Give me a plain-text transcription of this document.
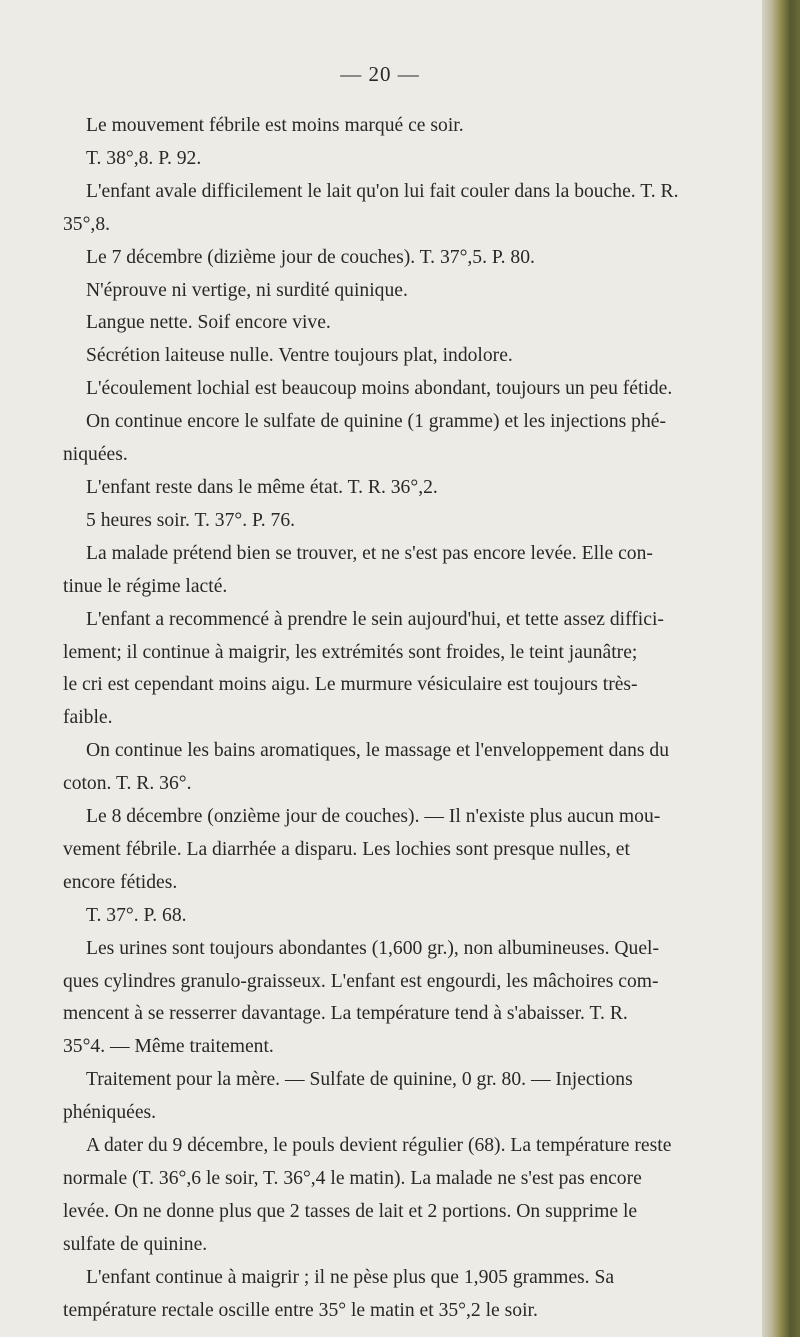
— 20 —
Le mouvement fébrile est moins marqué ce soir.
T. 38°,8. P. 92.
L'enfant avale difficilement le lait qu'on lui fait couler dans la bouche. T. R.
35°,8.
Le 7 décembre (dizième jour de couches). T. 37°,5. P. 80.
N'éprouve ni vertige, ni surdité quinique.
Langue nette. Soif encore vive.
Sécrétion laiteuse nulle. Ventre toujours plat, indolore.
L'écoulement lochial est beaucoup moins abondant, toujours un peu fétide.
On continue encore le sulfate de quinine (1 gramme) et les injections phé-
niquées.
L'enfant reste dans le même état. T. R. 36°,2.
5 heures soir. T. 37°. P. 76.
La malade prétend bien se trouver, et ne s'est pas encore levée. Elle con-
tinue le régime lacté.
L'enfant a recommencé à prendre le sein aujourd'hui, et tette assez diffici-
lement; il continue à maigrir, les extrémités sont froides, le teint jaunâtre;
le cri est cependant moins aigu. Le murmure vésiculaire est toujours très-
faible.
On continue les bains aromatiques, le massage et l'enveloppement dans du
coton. T. R. 36°.
Le 8 décembre (onzième jour de couches). — Il n'existe plus aucun mou-
vement fébrile. La diarrhée a disparu. Les lochies sont presque nulles, et
encore fétides.
T. 37°. P. 68.
Les urines sont toujours abondantes (1,600 gr.), non albumineuses. Quel-
ques cylindres granulo-graisseux. L'enfant est engourdi, les mâchoires com-
mencent à se resserrer davantage. La température tend à s'abaisser. T. R.
35°4. — Même traitement.
Traitement pour la mère. — Sulfate de quinine, 0 gr. 80. — Injections
phéniquées.
A dater du 9 décembre, le pouls devient régulier (68). La température reste
normale (T. 36°,6 le soir, T. 36°,4 le matin). La malade ne s'est pas encore
levée. On ne donne plus que 2 tasses de lait et 2 portions. On supprime le
sulfate de quinine.
L'enfant continue à maigrir ; il ne pèse plus que 1,905 grammes. Sa
température rectale oscille entre 35° le matin et 35°,2 le soir.
